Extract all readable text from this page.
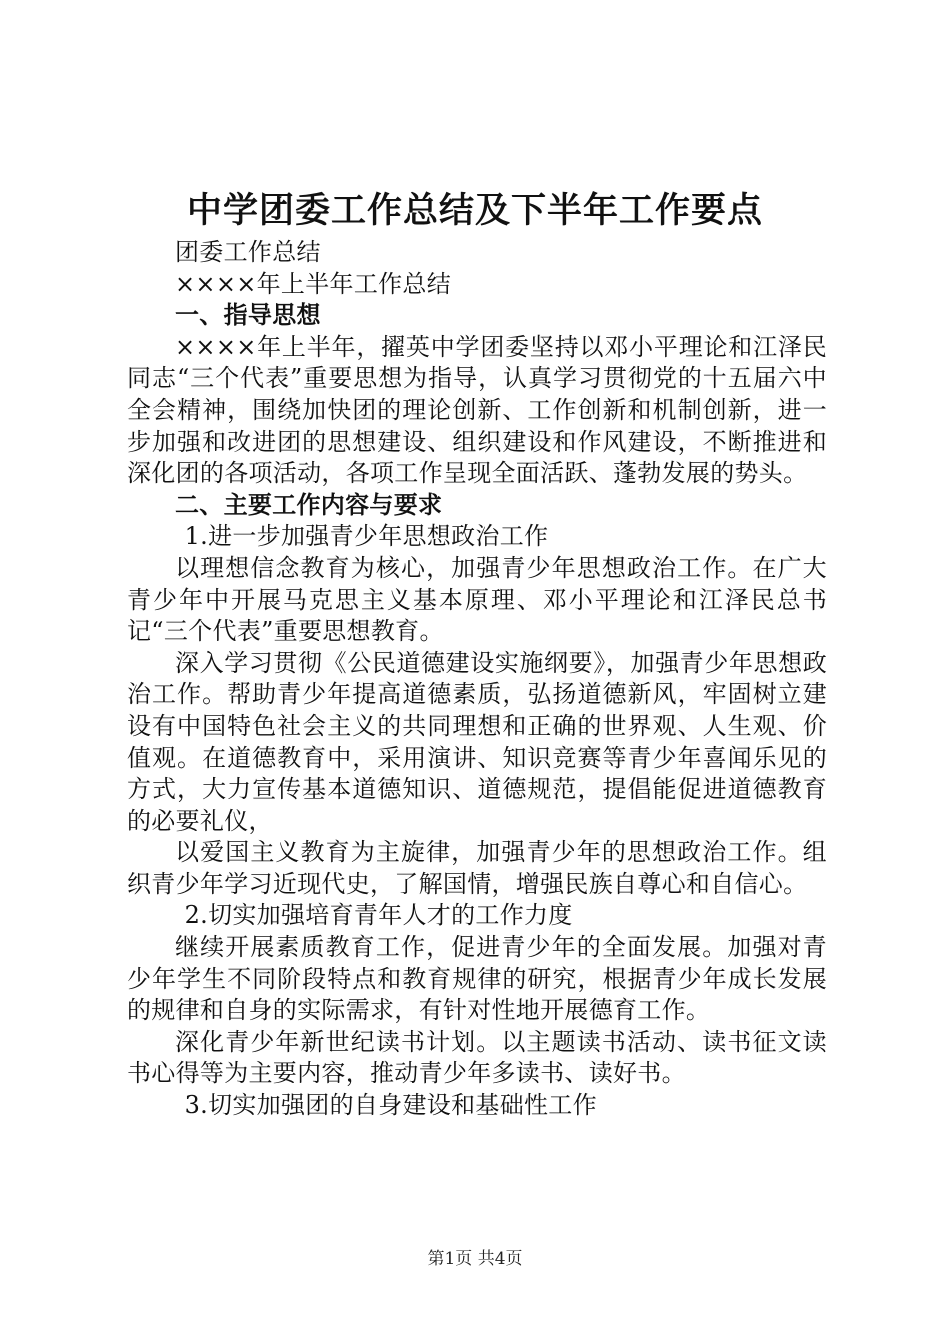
中学团委工作总结及下半年工作要点

团委工作总结

××××年上半年工作总结

一、指导思想

××××年上半年，擢英中学团委坚持以邓小平理论和江泽民同志“三个代表”重要思想为指导，认真学习贯彻党的十五届六中全会精神，围绕加快团的理论创新、工作创新和机制创新，进一步加强和改进团的思想建设、组织建设和作风建设，不断推进和深化团的各项活动，各项工作呈现全面活跃、蓬勃发展的势头。

二、主要工作内容与要求

1.进一步加强青少年思想政治工作

以理想信念教育为核心，加强青少年思想政治工作。在广大青少年中开展马克思主义基本原理、邓小平理论和江泽民总书记“三个代表”重要思想教育。

深入学习贯彻《公民道德建设实施纲要》，加强青少年思想政治工作。帮助青少年提高道德素质，弘扬道德新风，牢固树立建设有中国特色社会主义的共同理想和正确的世界观、人生观、价值观。在道德教育中，采用演讲、知识竞赛等青少年喜闻乐见的方式，大力宣传基本道德知识、道德规范，提倡能促进道德教育的必要礼仪，

以爱国主义教育为主旋律，加强青少年的思想政治工作。组织青少年学习近现代史，了解国情，增强民族自尊心和自信心。

2.切实加强培育青年人才的工作力度

继续开展素质教育工作，促进青少年的全面发展。加强对青少年学生不同阶段特点和教育规律的研究，根据青少年成长发展的规律和自身的实际需求，有针对性地开展德育工作。

深化青少年新世纪读书计划。以主题读书活动、读书征文读书心得等为主要内容，推动青少年多读书、读好书。

3.切实加强团的自身建设和基础性工作

第1页 共4页
